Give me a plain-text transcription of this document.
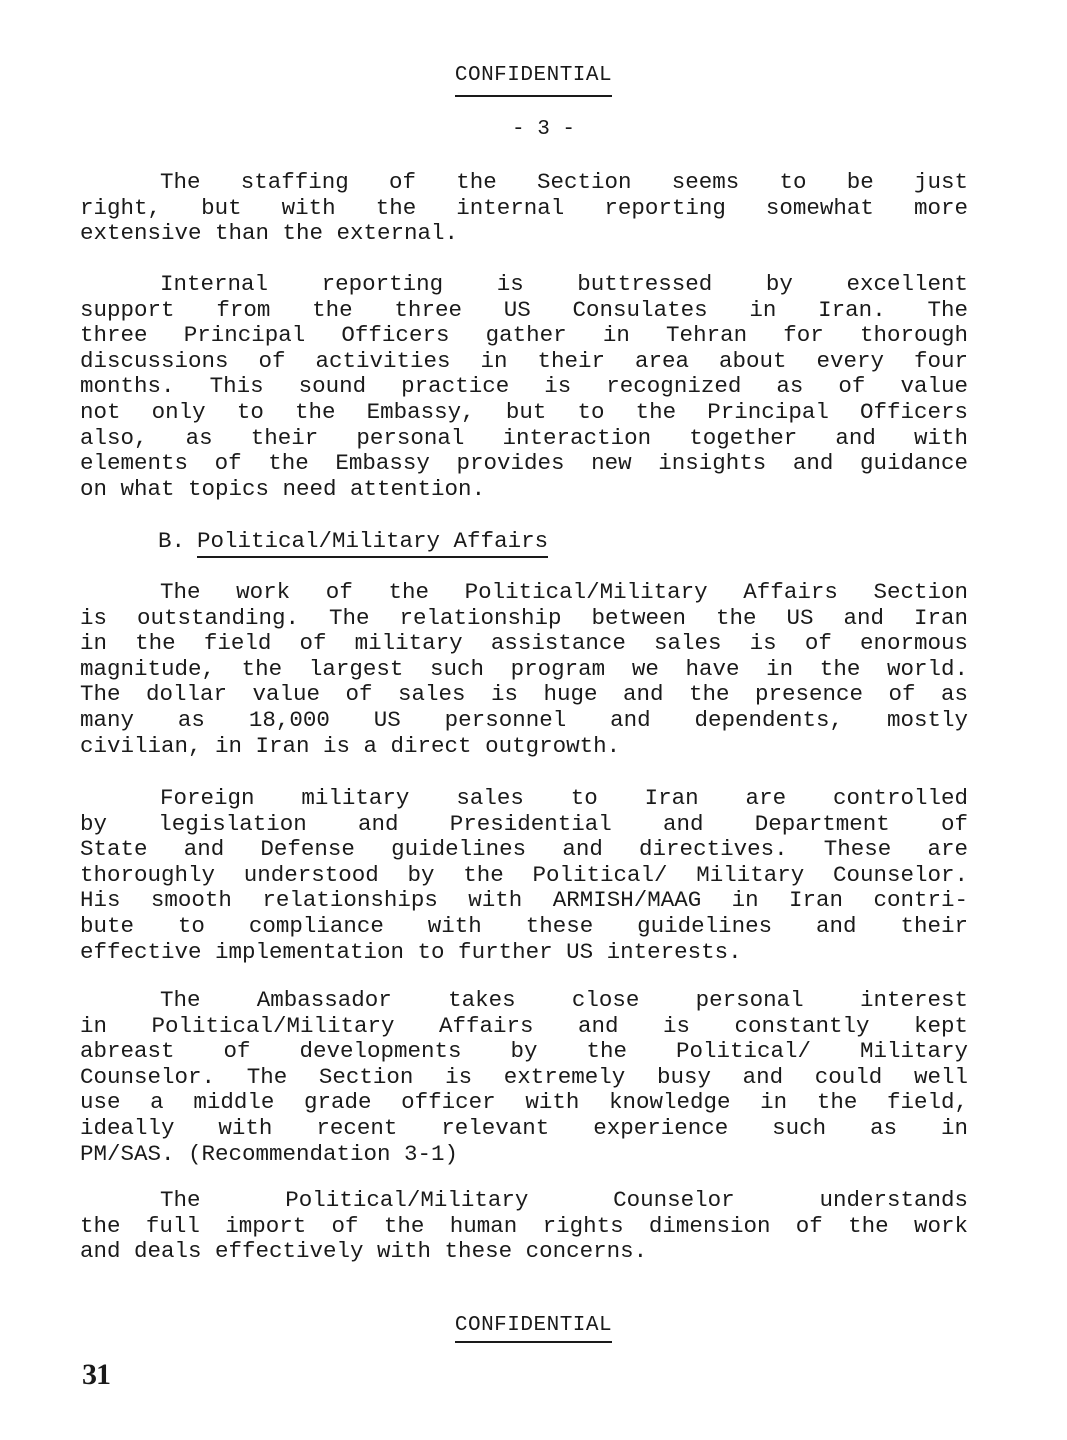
CONFIDENTIAL
- 3 -
The staffing of the Section seems to be just
right, but with the internal reporting somewhat more
extensive than the external.
Internal reporting is buttressed by excellent
support from the three US Consulates in Iran. The
three Principal Officers gather in Tehran for thorough
discussions of activities in their area about every four
months. This sound practice is recognized as of value
not only to the Embassy, but to the Principal Officers
also, as their personal interaction together and with
elements of the Embassy provides new insights and guidance
on what topics need attention.
B. Political/Military Affairs
The work of the Political/Military Affairs Section
is outstanding. The relationship between the US and Iran
in the field of military assistance sales is of enormous
magnitude, the largest such program we have in the world.
The dollar value of sales is huge and the presence of as
many as 18,000 US personnel and dependents, mostly
civilian, in Iran is a direct outgrowth.
Foreign military sales to Iran are controlled
by legislation and Presidential and Department of
State and Defense guidelines and directives. These are
thoroughly understood by the Political/ Military Counselor.
His smooth relationships with ARMISH/MAAG in Iran contri-
bute to compliance with these guidelines and their
effective implementation to further US interests.
The Ambassador takes close personal interest
in Political/Military Affairs and is constantly kept
abreast of developments by the Political/ Military
Counselor. The Section is extremely busy and could well
use a middle grade officer with knowledge in the field,
ideally with recent relevant experience such as in
PM/SAS. (Recommendation 3-1)
The Political/Military Counselor understands
the full import of the human rights dimension of the work
and deals effectively with these concerns.
CONFIDENTIAL
31
